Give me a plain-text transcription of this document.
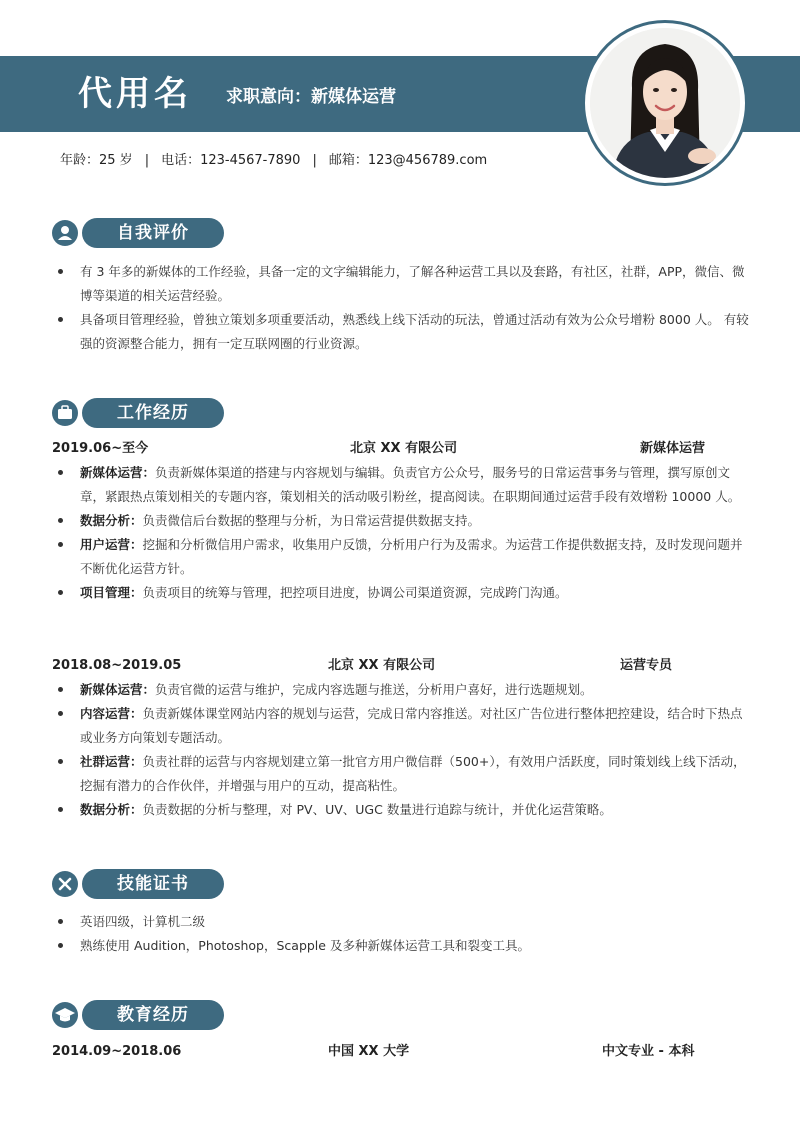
代用名 求职意向：新媒体运营
年龄：25 岁 | 电话：123-4567-7890 | 邮箱：123@456789.com
自我评价
有 3 年多的新媒体的工作经验，具备一定的文字编辑能力，了解各种运营工具以及套路，有社区，社群，APP，微信、微博等渠道的相关运营经验。
具备项目管理经验，曾独立策划多项重要活动，熟悉线上线下活动的玩法，曾通过活动有效为公众号增粉 8000 人。 有较强的资源整合能力，拥有一定互联网圈的行业资源。
工作经历
2019.06~至今	北京 XX 有限公司	新媒体运营
新媒体运营：负责新媒体渠道的搭建与内容规划与编辑。负责官方公众号，服务号的日常运营事务与管理，撰写原创文章，紧跟热点策划相关的专题内容，策划相关的活动吸引粉丝，提高阅读。在职期间通过运营手段有效增粉 10000 人。
数据分析：负责微信后台数据的整理与分析，为日常运营提供数据支持。
用户运营：挖掘和分析微信用户需求，收集用户反馈，分析用户行为及需求。为运营工作提供数据支持，及时发现问题并不断优化运营方针。
项目管理：负责项目的统筹与管理，把控项目进度，协调公司渠道资源，完成跨门沟通。
2018.08~2019.05	北京 XX 有限公司	运营专员
新媒体运营：负责官微的运营与维护，完成内容选题与推送，分析用户喜好，进行选题规划。
内容运营：负责新媒体课堂网站内容的规划与运营，完成日常内容推送。对社区广告位进行整体把控建设，结合时下热点或业务方向策划专题活动。
社群运营：负责社群的运营与内容规划建立第一批官方用户微信群（500+），有效用户活跃度，同时策划线上线下活动，挖掘有潜力的合作伙伴，并增强与用户的互动，提高粘性。
数据分析：负责数据的分析与整理，对 PV、UV、UGC 数量进行追踪与统计，并优化运营策略。
技能证书
英语四级，计算机二级
熟练使用 Audition，Photoshop，Scapple 及多种新媒体运营工具和裂变工具。
教育经历
2014.09~2018.06	中国 XX 大学	中文专业 - 本科
